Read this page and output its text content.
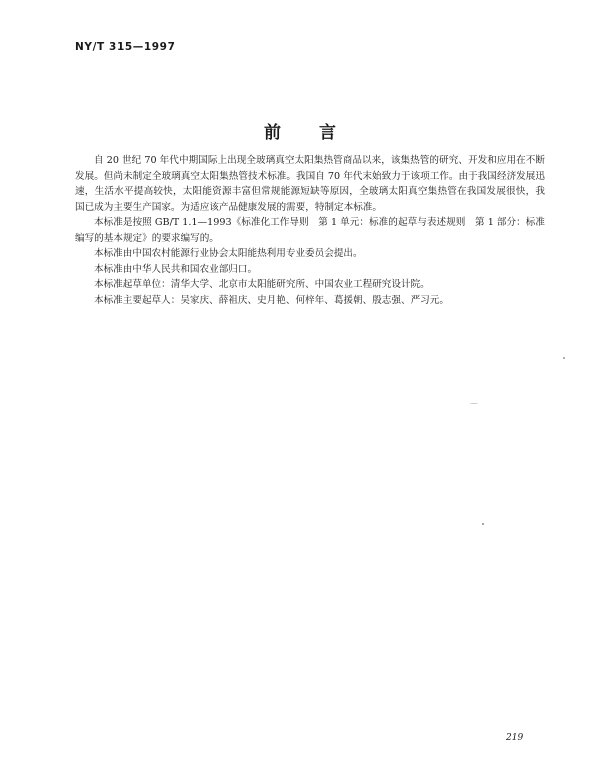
NY/T 315—1997
前言

自 20 世纪 70 年代中期国际上出现全玻璃真空太阳集热管商品以来，该集热管的研究、开发和应用在不断发展。但尚未制定全玻璃真空太阳集热管技术标准。我国自 70 年代末始致力于该项工作。由于我国经济发展迅速，生活水平提高较快，太阳能资源丰富但常规能源短缺等原因，全玻璃太阳真空集热管在我国发展很快，我国已成为主要生产国家。为适应该产品健康发展的需要，特制定本标准。

本标准是按照 GB/T 1.1—1993《标准化工作导则　第 1 单元：标准的起草与表述规则　第 1 部分：标准编写的基本规定》的要求编写的。

本标准由中国农村能源行业协会太阳能热利用专业委员会提出。

本标准由中华人民共和国农业部归口。

本标准起草单位：清华大学、北京市太阳能研究所、中国农业工程研究设计院。

本标准主要起草人：吴家庆、薛祖庆、史月艳、何梓年、葛援朝、殷志强、严习元。

219
